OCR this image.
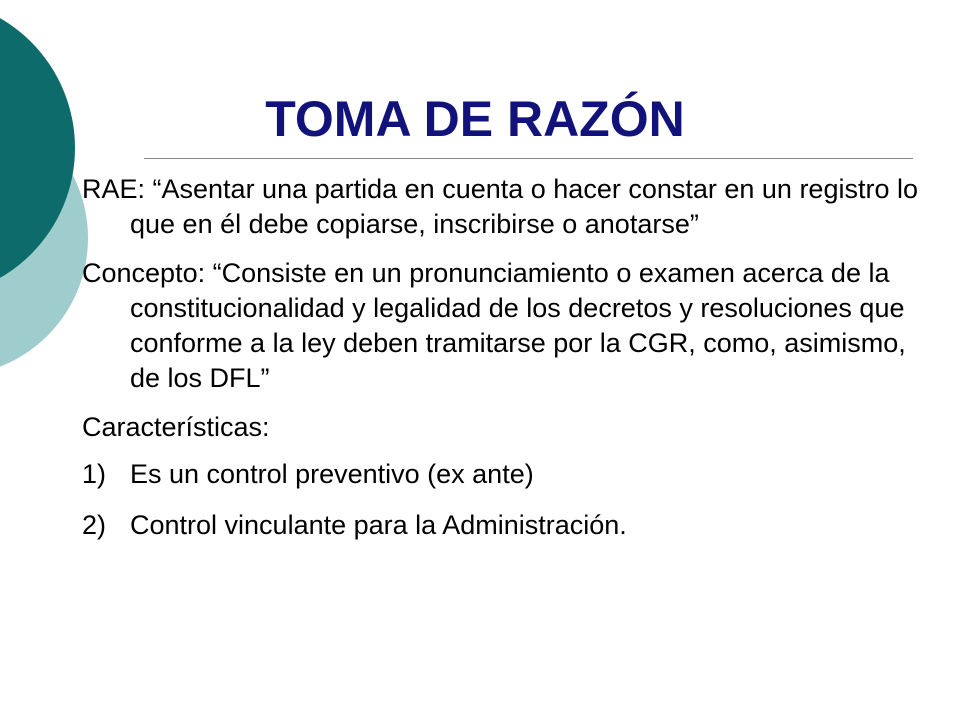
TOMA DE RAZÓN

RAE: “Asentar una partida en cuenta o hacer constar en un registro lo que en él debe copiarse, inscribirse o anotarse”

Concepto: “Consiste en un pronunciamiento o examen acerca de la constitucionalidad y legalidad de los decretos y resoluciones que conforme a la ley deben tramitarse por la CGR, como, asimismo, de los DFL”

Características:

1) Es un control preventivo (ex ante)
2) Control vinculante para la Administración.
